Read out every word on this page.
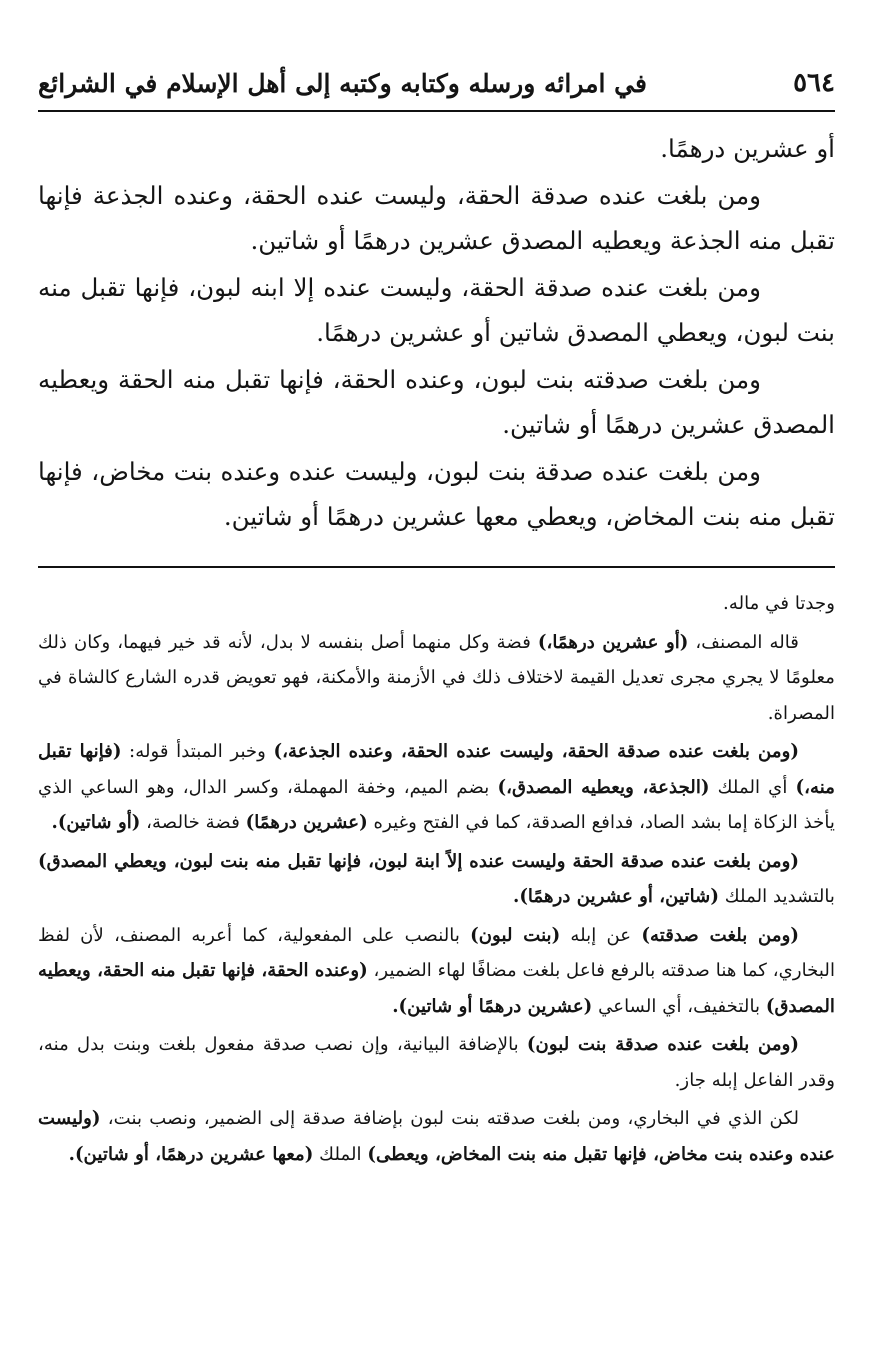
٥٦٤
في امرائه ورسله وكتابه وكتبه إلى أهل الإسلام في الشرائع

أو عشرين درهمًا.

ومن بلغت عنده صدقة الحقة، وليست عنده الحقة، وعنده الجذعة فإنها تقبل منه الجذعة ويعطيه المصدق عشرين درهمًا أو شاتين.

ومن بلغت عنده صدقة الحقة، وليست عنده إلا ابنه لبون، فإنها تقبل منه بنت لبون، ويعطي المصدق شاتين أو عشرين درهمًا.

ومن بلغت صدقته بنت لبون، وعنده الحقة، فإنها تقبل منه الحقة ويعطيه المصدق عشرين درهمًا أو شاتين.

ومن بلغت عنده صدقة بنت لبون، وليست عنده وعنده بنت مخاض، فإنها تقبل منه بنت المخاض، ويعطي معها عشرين درهمًا أو شاتين.

وجدتا في ماله.

قاله المصنف، (أو عشرين درهمًا،) فضة وكل منهما أصل بنفسه لا بدل، لأنه قد خير فيهما، وكان ذلك معلومًا لا يجري مجرى تعديل القيمة لاختلاف ذلك في الأزمنة والأمكنة، فهو تعويض قدره الشارع كالشاة في المصراة.

(ومن بلغت عنده صدقة الحقة، وليست عنده الحقة، وعنده الجذعة،) وخبر المبتدأ قوله: (فإنها تقبل منه،) أي الملك (الجذعة، ويعطيه المصدق،) بضم الميم، وخفة المهملة، وكسر الدال، وهو الساعي الذي يأخذ الزكاة إما بشد الصاد، فدافع الصدقة، كما في الفتح وغيره (عشرين درهمًا) فضة خالصة، (أو شاتين).

(ومن بلغت عنده صدقة الحقة وليست عنده إلاً ابنة لبون، فإنها تقبل منه بنت لبون، ويعطي المصدق) بالتشديد الملك (شاتين، أو عشرين درهمًا).

(ومن بلغت صدقته) عن إبله (بنت لبون) بالنصب على المفعولية، كما أعربه المصنف، لأن لفظ البخاري، كما هنا صدقته بالرفع فاعل بلغت مضافًا لهاء الضمير، (وعنده الحقة، فإنها تقبل منه الحقة، ويعطيه المصدق) بالتخفيف، أي الساعي (عشرين درهمًا أو شاتين).

(ومن بلغت عنده صدقة بنت لبون) بالإضافة البيانية، وإن نصب صدقة مفعول بلغت وبنت بدل منه، وقدر الفاعل إبله جاز.

لكن الذي في البخاري، ومن بلغت صدقته بنت لبون بإضافة صدقة إلى الضمير، ونصب بنت، (وليست عنده وعنده بنت مخاض، فإنها تقبل منه بنت المخاض، ويعطى) الملك (معها عشرين درهمًا، أو شاتين).
